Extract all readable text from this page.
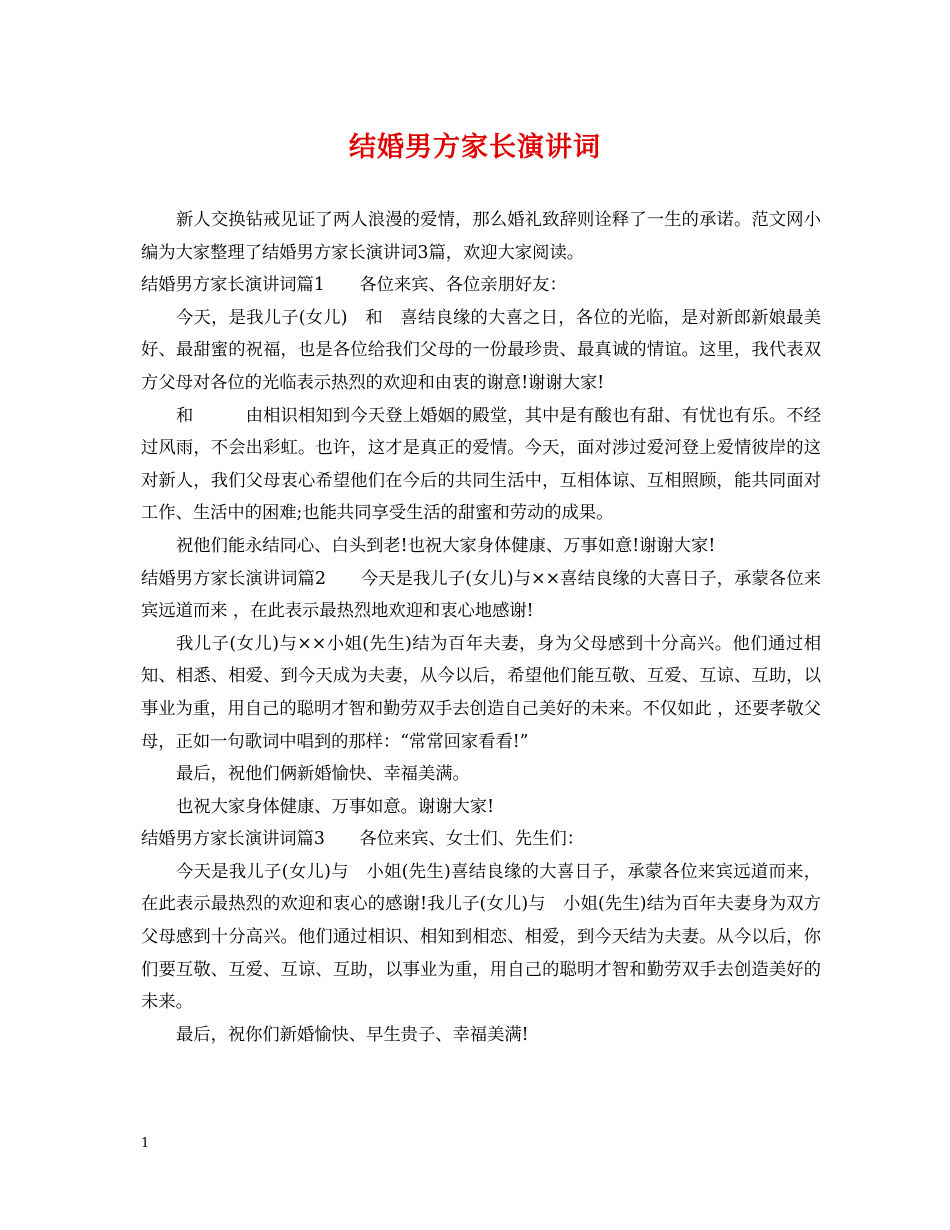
结婚男方家长演讲词

新人交换钻戒见证了两人浪漫的爱情，那么婚礼致辞则诠释了一生的承诺。范文网小编为大家整理了结婚男方家长演讲词3篇，欢迎大家阅读。

结婚男方家长演讲词篇1　　各位来宾、各位亲朋好友：

今天，是我儿子(女儿)　和　喜结良缘的大喜之日，各位的光临，是对新郎新娘最美好、最甜蜜的祝福，也是各位给我们父母的一份最珍贵、最真诚的情谊。这里，我代表双方父母对各位的光临表示热烈的欢迎和由衷的谢意!谢谢大家!

和　　　由相识相知到今天登上婚姻的殿堂，其中是有酸也有甜、有忧也有乐。不经过风雨，不会出彩虹。也许，这才是真正的爱情。今天，面对涉过爱河登上爱情彼岸的这对新人，我们父母衷心希望他们在今后的共同生活中，互相体谅、互相照顾，能共同面对工作、生活中的困难;也能共同享受生活的甜蜜和劳动的成果。

祝他们能永结同心、白头到老!也祝大家身体健康、万事如意!谢谢大家!

结婚男方家长演讲词篇2　　今天是我儿子(女儿)与××喜结良缘的大喜日子，承蒙各位来宾远道而来 ，在此表示最热烈地欢迎和衷心地感谢!

我儿子(女儿)与××小姐(先生)结为百年夫妻，身为父母感到十分高兴。他们通过相知、相悉、相爱、到今天成为夫妻，从今以后，希望他们能互敬、互爱、互谅、互助，以事业为重，用自己的聪明才智和勤劳双手去创造自己美好的未来。不仅如此 ，还要孝敬父母，正如一句歌词中唱到的那样：“常常回家看看!”

最后，祝他们俩新婚愉快、幸福美满。

也祝大家身体健康、万事如意。谢谢大家!

结婚男方家长演讲词篇3　　各位来宾、女士们、先生们：

今天是我儿子(女儿)与　小姐(先生)喜结良缘的大喜日子，承蒙各位来宾远道而来，在此表示最热烈的欢迎和衷心的感谢!我儿子(女儿)与　小姐(先生)结为百年夫妻身为双方父母感到十分高兴。他们通过相识、相知到相恋、相爱，到今天结为夫妻。从今以后，你们要互敬、互爱、互谅、互助，以事业为重，用自己的聪明才智和勤劳双手去创造美好的未来。

最后，祝你们新婚愉快、早生贵子、幸福美满!

1
